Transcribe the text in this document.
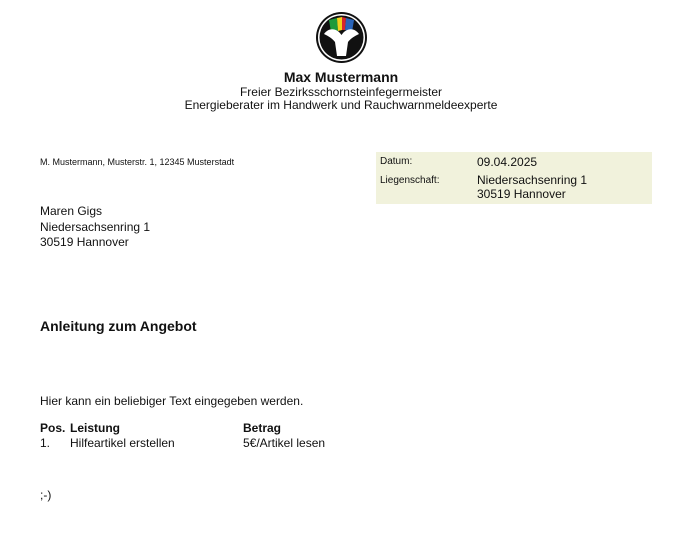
Max Mustermann
Freier Bezirksschornsteinfegermeister
Energieberater im Handwerk und Rauchwarnmeldeexperte
M. Mustermann, Musterstr. 1, 12345 Musterstadt	Datum:	09.04.2025
Liegenschaft:	Niedersachsenring 1
30519 Hannover
Maren Gigs
Niedersachsenring 1
30519 Hannover
Anleitung zum Angebot
Hier kann ein beliebiger Text eingegeben werden.
Pos. Leistung	Betrag
1. Hilfeartikel erstellen	5€/Artikel lesen
;-)
